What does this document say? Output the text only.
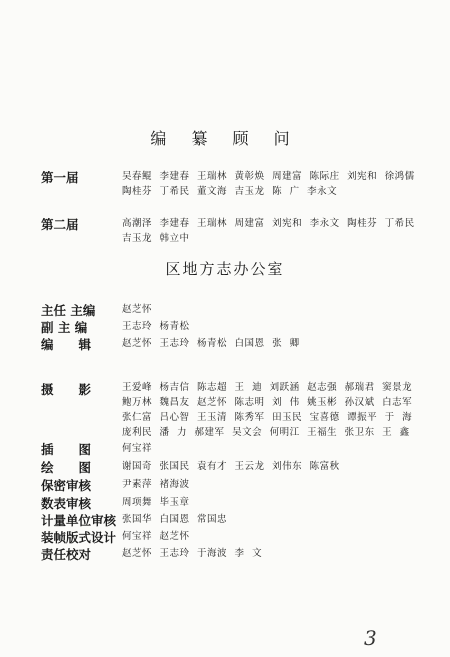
编 纂 顾 问
第一届	吴春鲲 李建春 王瑞林 黄彰焕 周建富 陈际庄 刘宪和 徐鸿儒
陶桂芬 丁希民 董文海 吉玉龙 陈 广 李永文
第二届	高潮泽 李建春 王瑞林 周建富 刘宪和 李永文 陶桂芬 丁希民
吉玉龙 韩立中
区地方志办公室
主任 主编	赵芝怀
副 主 编	王志玲 杨青松
编　　辑	赵芝怀 王志玲 杨青松 白国恩 张 卿
摄　　影	王爱峰 杨吉信 陈志超 王 迪 刘跃涵 赵志强 郝瑞君 窦景龙
鲍万林 魏昌友 赵芝怀 陈志明 刘 伟 姚玉彬 孙汉斌 白志军
张仁富 吕心智 王玉清 陈秀军 田玉民 宝喜德 谭振平 于 海
庞利民 潘 力 郝建军 吴文会 何明江 王福生 张卫东 王 鑫
插　　图	何宝祥
绘　　图	谢国奇 张国民 袁有才 王云龙 刘伟东 陈富秋
保密审核	尹素萍 褚海波
数表审核	周项舞 毕玉章
计量单位审核 张国华 白国恩 常国忠
装帧版式设计 何宝祥 赵芝怀
责任校对	赵芝怀 王志玲 于海波 李 文
3
